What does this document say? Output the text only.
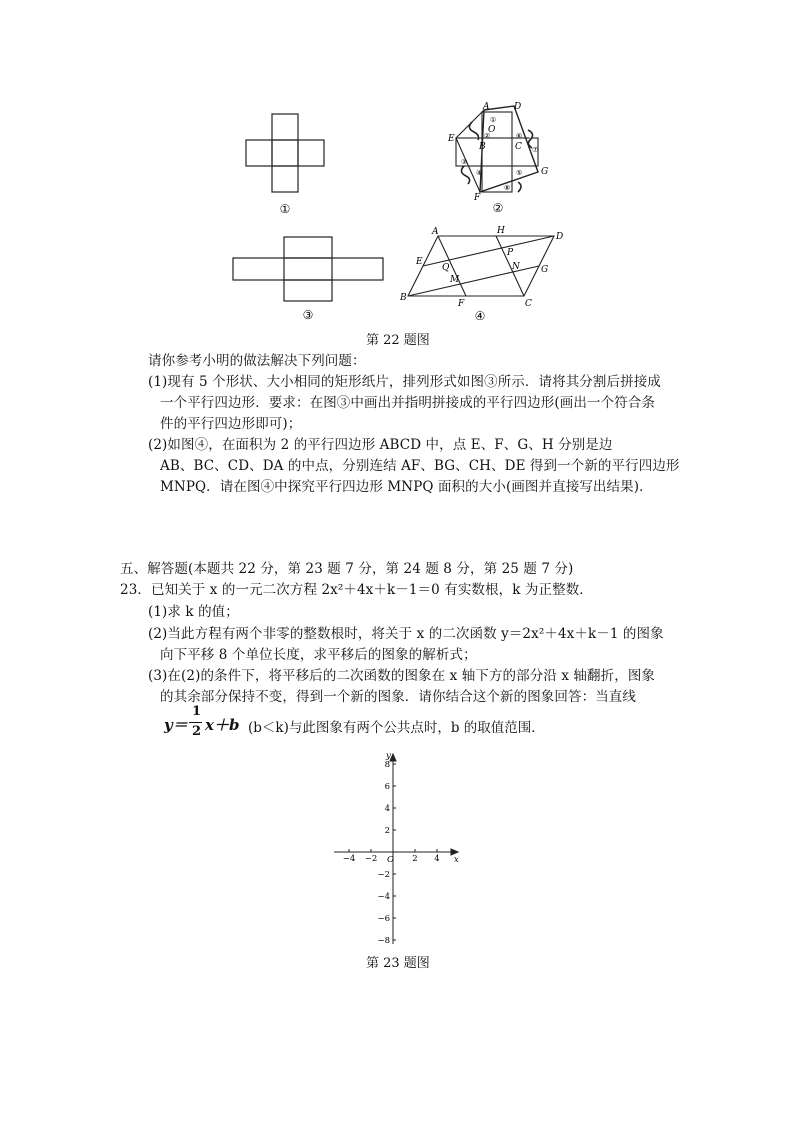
①
A	D
O
E
B	C
G
F
①
②
③
④	⑤
⑥
⑦
⑧
②
③
A	H
D
P
E
Q	N G
M
B
F	C
④
第 22 题图
请你参考小明的做法解决下列问题：
(1)现有 5 个形状、大小相同的矩形纸片，排列形式如图③所示．请将其分割后拼接成
一个平行四边形．要求：在图③中画出并指明拼接成的平行四边形(画出一个符合条
件的平行四边形即可)；
(2)如图④，在面积为 2 的平行四边形 ABCD 中，点 E、F、G、H 分别是边
AB、BC、CD、DA 的中点，分别连结 AF、BG、CH、DE 得到一个新的平行四边形
MNPQ．请在图④中探究平行四边形 MNPQ 面积的大小(画图并直接写出结果)．
五、解答题(本题共 22 分，第 23 题 7 分，第 24 题 8 分，第 25 题 7 分)
23．已知关于 x 的一元二次方程 2x²＋4x＋k－1＝0 有实数根，k 为正整数．
(1)求 k 的值；
(2)当此方程有两个非零的整数根时，将关于 x 的二次函数 y＝2x²＋4x＋k－1 的图象
向下平移 8 个单位长度，求平移后的图象的解析式；
(3)在(2)的条件下，将平移后的二次函数的图象在 x 轴下方的部分沿 x 轴翻折，图象
的其余部分保持不变，得到一个新的图象．请你结合这个新的图象回答：当直线
y＝
1
2 x＋b (b＜k)与此图象有两个公共点时，b 的取值范围．
y
x
O
−4 −2	2 4
8
6
4
2
−2
−4
−6
−8
第 23 题图
